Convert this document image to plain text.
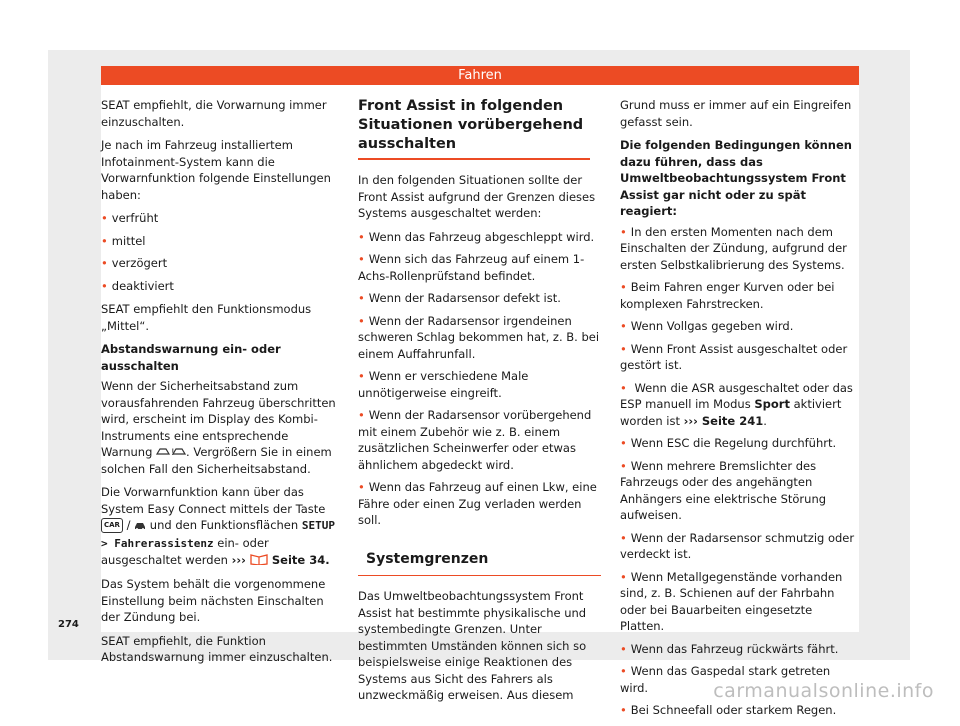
Fahren

SEAT empfiehlt, die Vorwarnung immer einzuschalten.

Je nach im Fahrzeug installiertem Infotainment-System kann die Vorwarnfunktion folgende Einstellungen haben:

• verfrüht
• mittel
• verzögert
• deaktiviert

SEAT empfiehlt den Funktionsmodus „Mittel“.

Abstandswarnung ein- oder ausschalten

Wenn der Sicherheitsabstand zum vorausfahrenden Fahrzeug überschritten wird, erscheint im Display des Kombi-Instruments eine entsprechende Warnung ! . Vergrößern Sie in einem solchen Fall den Sicherheitsabstand.

Die Vorwarnfunktion kann über das System Easy Connect mittels der Taste CAR / und den Funktionsflächen SETUP > Fahrerassistenz ein- oder ausgeschaltet werden ››› Seite 34.

Das System behält die vorgenommene Einstellung beim nächsten Einschalten der Zündung bei.

SEAT empfiehlt, die Funktion Abstandswarnung immer einzuschalten.

Front Assist in folgenden Situationen vorübergehend ausschalten

In den folgenden Situationen sollte der Front Assist aufgrund der Grenzen dieses Systems ausgeschaltet werden:

• Wenn das Fahrzeug abgeschleppt wird.
• Wenn sich das Fahrzeug auf einem 1-Achs-Rollenprüfstand befindet.
• Wenn der Radarsensor defekt ist.
• Wenn der Radarsensor irgendeinen schweren Schlag bekommen hat, z. B. bei einem Auffahrunfall.
• Wenn er verschiedene Male unnötigerweise eingreift.
• Wenn der Radarsensor vorübergehend mit einem Zubehör wie z. B. einem zusätzlichen Scheinwerfer oder etwas ähnlichem abgedeckt wird.
• Wenn das Fahrzeug auf einen Lkw, eine Fähre oder einen Zug verladen werden soll.
Systemgrenzen

Das Umweltbeobachtungssystem Front Assist hat bestimmte physikalische und systembedingte Grenzen. Unter bestimmten Umständen können sich so beispielsweise einige Reaktionen des Systems aus Sicht des Fahrers als unzweckmäßig erweisen. Aus diesem

Grund muss er immer auf ein Eingreifen gefasst sein.

Die folgenden Bedingungen können dazu führen, dass das Umweltbeobachtungssystem Front Assist gar nicht oder zu spät reagiert:

• In den ersten Momenten nach dem Einschalten der Zündung, aufgrund der ersten Selbstkalibrierung des Systems.
• Beim Fahren enger Kurven oder bei komplexen Fahrstrecken.
• Wenn Vollgas gegeben wird.
• Wenn Front Assist ausgeschaltet oder gestört ist.
• Wenn die ASR ausgeschaltet oder das ESP manuell im Modus Sport aktiviert worden ist ››› Seite 241.
• Wenn ESC die Regelung durchführt.
• Wenn mehrere Bremslichter des Fahrzeugs oder des angehängten Anhängers eine elektrische Störung aufweisen.
• Wenn der Radarsensor schmutzig oder verdeckt ist.
• Wenn Metallgegenstände vorhanden sind, z. B. Schienen auf der Fahrbahn oder bei Bauarbeiten eingesetzte Platten.
• Wenn das Fahrzeug rückwärts fährt.
• Wenn das Gaspedal stark getreten wird.
• Bei Schneefall oder starkem Regen.
274
carmanualsonline.info
